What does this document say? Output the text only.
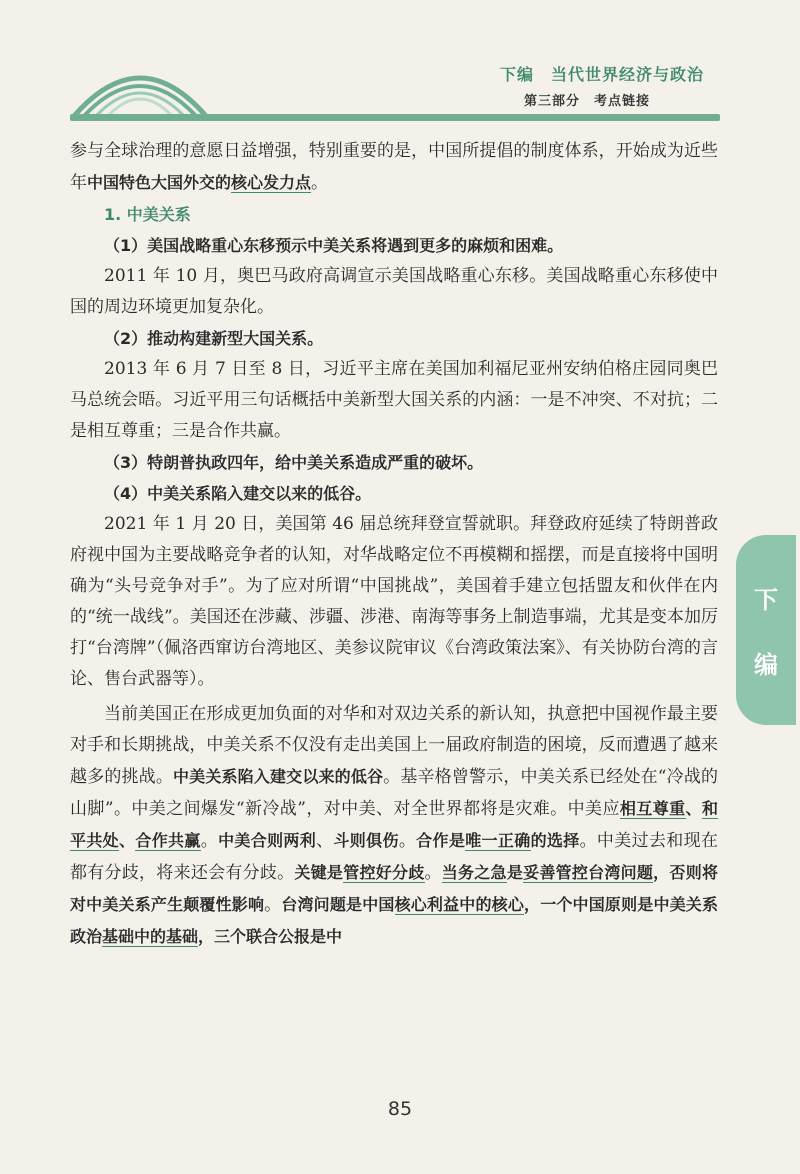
下编　当代世界经济与政治
第三部分　考点链接
下
编

参与全球治理的意愿日益增强，特别重要的是，中国所提倡的制度体系，开始成为近些年中国特色大国外交的核心发力点。

1. 中美关系

（1）美国战略重心东移预示中美关系将遇到更多的麻烦和困难。

2011 年 10 月，奥巴马政府高调宣示美国战略重心东移。美国战略重心东移使中国的周边环境更加复杂化。

（2）推动构建新型大国关系。

2013 年 6 月 7 日至 8 日，习近平主席在美国加利福尼亚州安纳伯格庄园同奥巴马总统会晤。习近平用三句话概括中美新型大国关系的内涵：一是不冲突、不对抗；二是相互尊重；三是合作共赢。

（3）特朗普执政四年，给中美关系造成严重的破坏。

（4）中美关系陷入建交以来的低谷。

2021 年 1 月 20 日，美国第 46 届总统拜登宣誓就职。拜登政府延续了特朗普政府视中国为主要战略竞争者的认知，对华战略定位不再模糊和摇摆，而是直接将中国明确为“头号竞争对手”。为了应对所谓“中国挑战”，美国着手建立包括盟友和伙伴在内的“统一战线”。美国还在涉藏、涉疆、涉港、南海等事务上制造事端，尤其是变本加厉打“台湾牌”（佩洛西窜访台湾地区、美参议院审议《台湾政策法案》、有关协防台湾的言论、售台武器等）。

当前美国正在形成更加负面的对华和对双边关系的新认知，执意把中国视作最主要对手和长期挑战，中美关系不仅没有走出美国上一届政府制造的困境，反而遭遇了越来越多的挑战。中美关系陷入建交以来的低谷。基辛格曾警示，中美关系已经处在“冷战的山脚”。中美之间爆发“新冷战”，对中美、对全世界都将是灾难。中美应相互尊重、和平共处、合作共赢。中美合则两利、斗则俱伤。合作是唯一正确的选择。中美过去和现在都有分歧，将来还会有分歧。关键是管控好分歧。当务之急是妥善管控台湾问题，否则将对中美关系产生颠覆性影响。台湾问题是中国核心利益中的核心，一个中国原则是中美关系政治基础中的基础，三个联合公报是中

85
